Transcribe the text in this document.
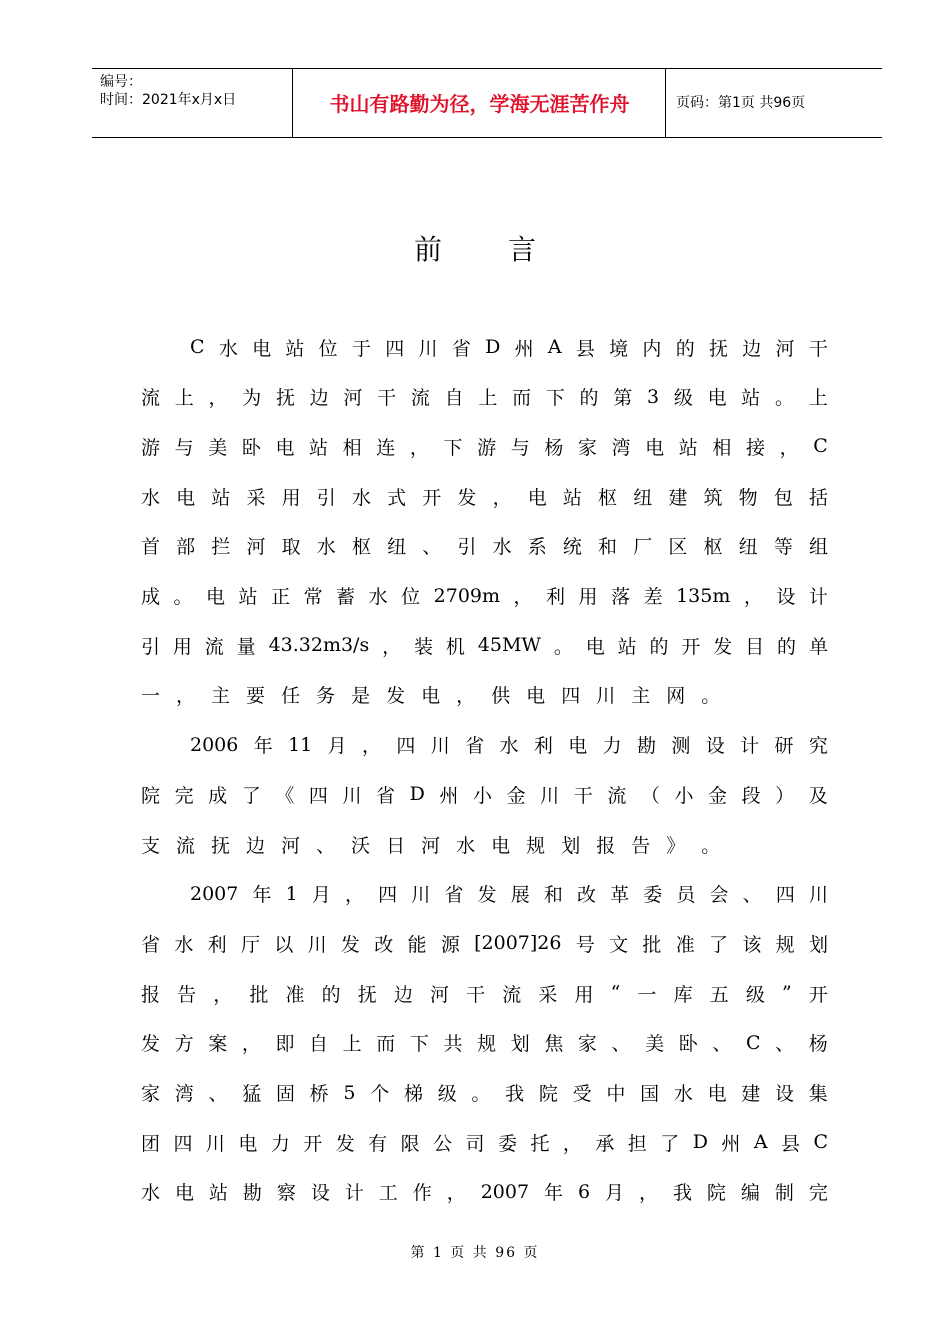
编号：
时间：2021年x月x日	书山有路勤为径，学海无涯苦作舟	页码：第1页 共96页
前言
C 水 电 站 位 于 四 川 省 D 州 A 县 境 内 的 抚 边 河 干
流 上 ， 为 抚 边 河 干 流 自 上 而 下 的 第 3 级 电 站 。 上
游 与 美 卧 电 站 相 连 ， 下 游 与 杨 家 湾 电 站 相 接 ， C
水 电 站 采 用 引 水 式 开 发 ， 电 站 枢 纽 建 筑 物 包 括
首 部 拦 河 取 水 枢 纽 、 引 水 系 统 和 厂 区 枢 纽 等 组
成 。 电 站 正 常 蓄 水 位 2709m ， 利 用 落 差 135m ， 设 计
引 用 流 量 43.32m3/s ， 装 机 45MW 。 电 站 的 开 发 目 的 单
一 ， 主 要 任 务 是 发 电 ， 供 电 四 川 主 网 。
2006 年 11 月 ， 四 川 省 水 利 电 力 勘 测 设 计 研 究
院 完 成 了 《 四 川 省 D 州 小 金 川 干 流 （ 小 金 段 ） 及
支 流 抚 边 河 、 沃 日 河 水 电 规 划 报 告 》 。
2007 年 1 月 ， 四 川 省 发 展 和 改 革 委 员 会 、 四 川
省 水 利 厅 以 川 发 改 能 源 [2007]26 号 文 批 准 了 该 规 划
报 告 ， 批 准 的 抚 边 河 干 流 采 用 “ 一 库 五 级 ” 开
发 方 案 ， 即 自 上 而 下 共 规 划 焦 家 、 美 卧 、 C 、 杨
家 湾 、 猛 固 桥 5 个 梯 级 。 我 院 受 中 国 水 电 建 设 集
团 四 川 电 力 开 发 有 限 公 司 委 托 ， 承 担 了 D 州 A 县 C
水 电 站 勘 察 设 计 工 作 ， 2007 年 6 月 ， 我 院 编 制 完
第 1 页 共 96 页
